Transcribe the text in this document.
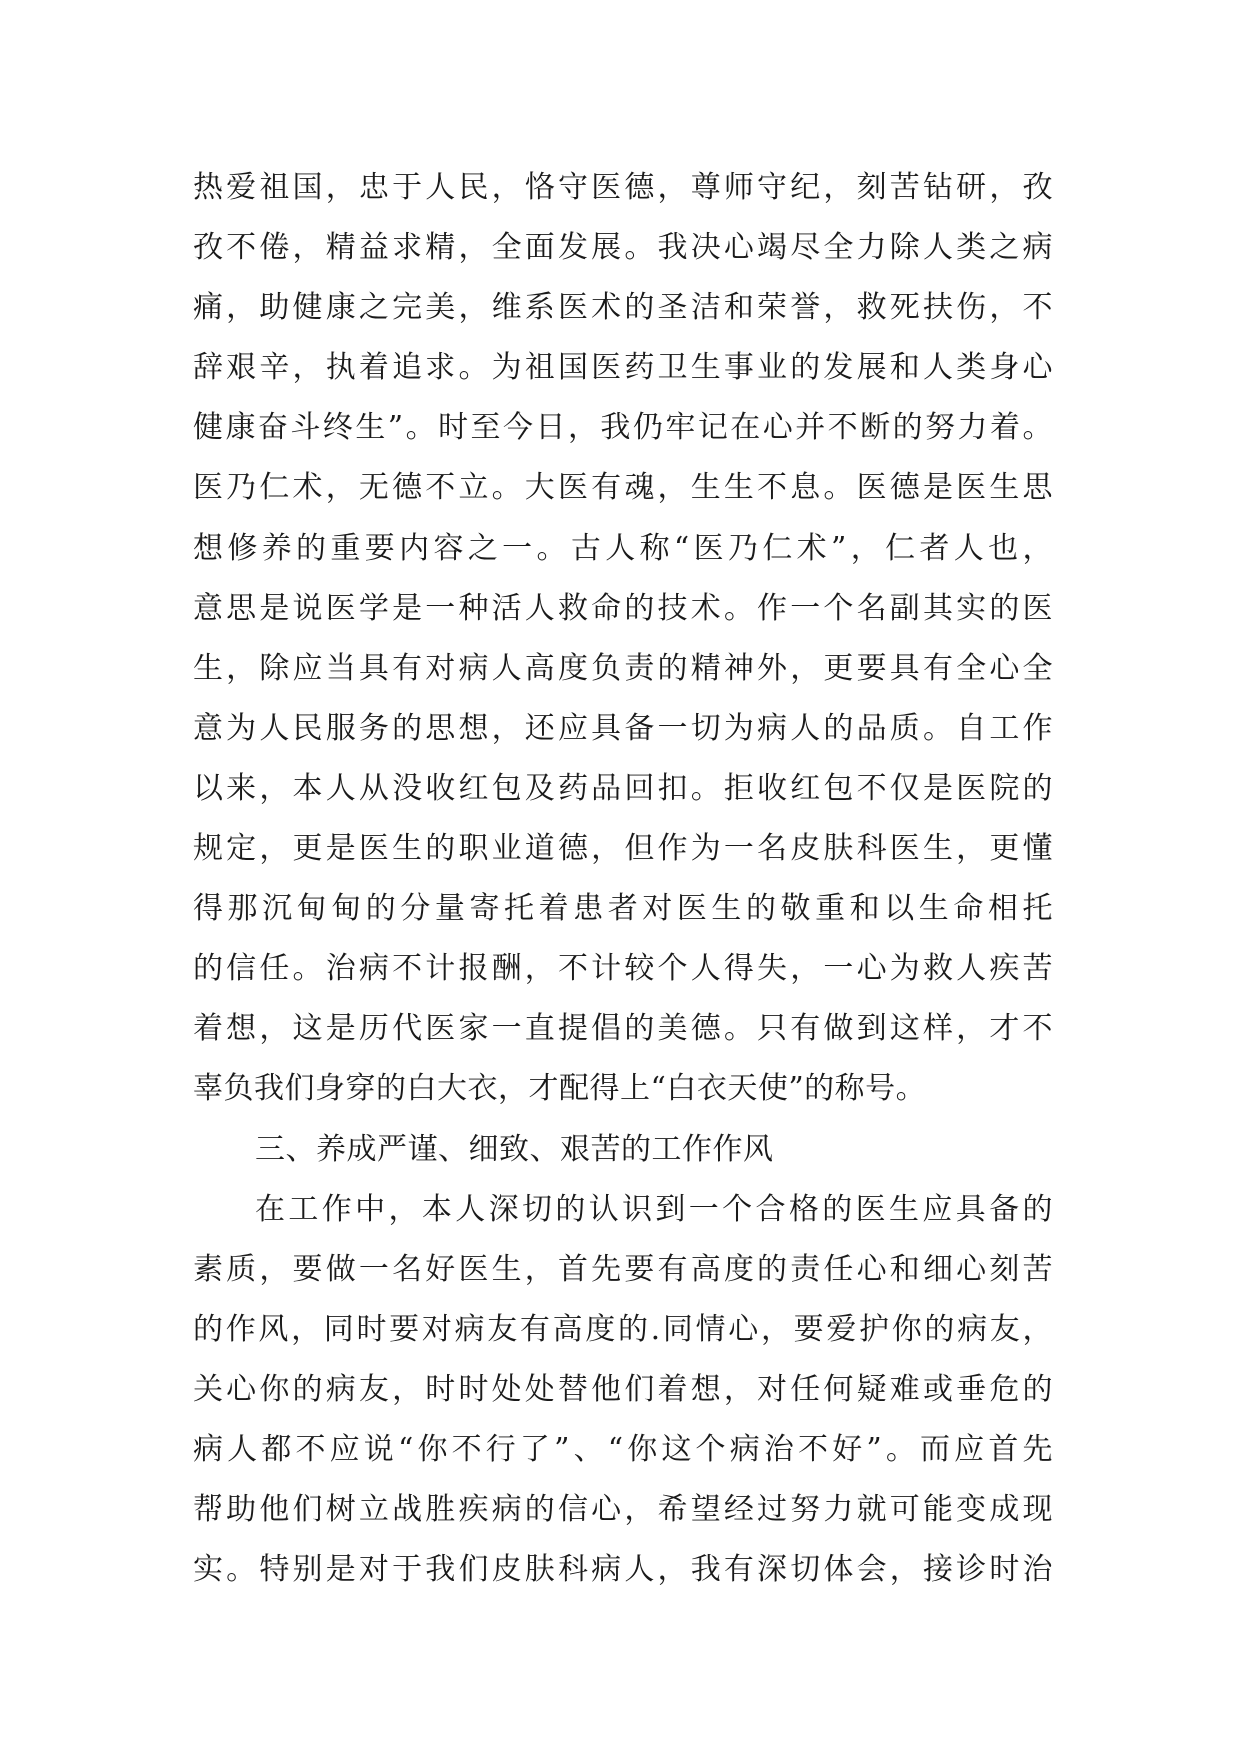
热爱祖国，忠于人民，恪守医德，尊师守纪，刻苦钻研，孜
孜不倦，精益求精，全面发展。我决心竭尽全力除人类之病
痛，助健康之完美，维系医术的圣洁和荣誉，救死扶伤，不
辞艰辛，执着追求。为祖国医药卫生事业的发展和人类身心
健康奋斗终生”。时至今日，我仍牢记在心并不断的努力着。
医乃仁术，无德不立。大医有魂，生生不息。医德是医生思
想修养的重要内容之一。古人称“医乃仁术”，仁者人也，
意思是说医学是一种活人救命的技术。作一个名副其实的医
生，除应当具有对病人高度负责的精神外，更要具有全心全
意为人民服务的思想，还应具备一切为病人的品质。自工作
以来，本人从没收红包及药品回扣。拒收红包不仅是医院的
规定，更是医生的职业道德，但作为一名皮肤科医生，更懂
得那沉甸甸的分量寄托着患者对医生的敬重和以生命相托
的信任。治病不计报酬，不计较个人得失，一心为救人疾苦
着想，这是历代医家一直提倡的美德。只有做到这样，才不
辜负我们身穿的白大衣，才配得上“白衣天使”的称号。
三、养成严谨、细致、艰苦的工作作风
在工作中，本人深切的认识到一个合格的医生应具备的
素质，要做一名好医生，首先要有高度的责任心和细心刻苦
的作风，同时要对病友有高度的.同情心，要爱护你的病友，
关心你的病友，时时处处替他们着想，对任何疑难或垂危的
病人都不应说“你不行了”、“你这个病治不好”。而应首先
帮助他们树立战胜疾病的信心，希望经过努力就可能变成现
实。特别是对于我们皮肤科病人，我有深切体会，接诊时治
